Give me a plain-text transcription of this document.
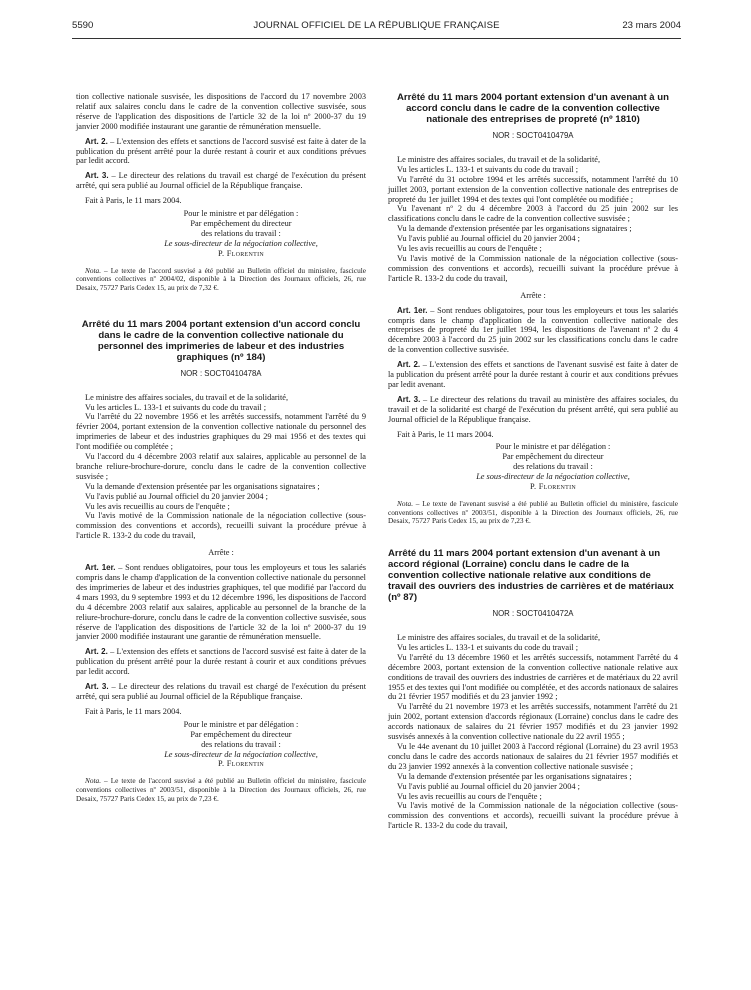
5590	JOURNAL OFFICIEL DE LA RÉPUBLIQUE FRANÇAISE	23 mars 2004

tion collective nationale susvisée, les dispositions de l'accord du 17 novembre 2003 relatif aux salaires conclu dans le cadre de la convention collective susvisée, sous réserve de l'application des dispositions de l'article 32 de la loi nº 2000-37 du 19 janvier 2000 modifiée instaurant une garantie de rémunération mensuelle.

Art. 2. – L'extension des effets et sanctions de l'accord susvisé est faite à dater de la publication du présent arrêté pour la durée restant à courir et aux conditions prévues par ledit accord.

Art. 3. – Le directeur des relations du travail est chargé de l'exécution du présent arrêté, qui sera publié au Journal officiel de la République française.

Fait à Paris, le 11 mars 2004.

Pour le ministre et par délégation :

Par empêchement du directeur

des relations du travail :

Le sous-directeur de la négociation collective,

P. Florentin

Nota. – Le texte de l'accord susvisé a été publié au Bulletin officiel du ministère, fascicule conventions collectives nº 2004/02, disponible à la Direction des Journaux officiels, 26, rue Desaix, 75727 Paris Cedex 15, au prix de 7,32 €.

Arrêté du 11 mars 2004 portant extension d'un accord conclu dans le cadre de la convention collective nationale du personnel des imprimeries de labeur et des industries graphiques (nº 184)

NOR : SOCT0410478A

Le ministre des affaires sociales, du travail et de la solidarité,

Vu les articles L. 133-1 et suivants du code du travail ;

Vu l'arrêté du 22 novembre 1956 et les arrêtés successifs, notamment l'arrêté du 9 février 2004, portant extension de la convention collective nationale du personnel des imprimeries de labeur et des industries graphiques du 29 mai 1956 et des textes qui l'ont modifiée ou complétée ;

Vu l'accord du 4 décembre 2003 relatif aux salaires, applicable au personnel de la branche reliure-brochure-dorure, conclu dans le cadre de la convention collective susvisée ;

Vu la demande d'extension présentée par les organisations signataires ;

Vu l'avis publié au Journal officiel du 20 janvier 2004 ;

Vu les avis recueillis au cours de l'enquête ;

Vu l'avis motivé de la Commission nationale de la négociation collective (sous-commission des conventions et accords), recueilli suivant la procédure prévue à l'article R. 133-2 du code du travail,

Arrête :

Art. 1er. – Sont rendues obligatoires, pour tous les employeurs et tous les salariés compris dans le champ d'application de la convention collective nationale du personnel des imprimeries de labeur et des industries graphiques, tel que modifié par l'accord du 4 mars 1993, du 9 septembre 1993 et du 12 décembre 1996, les dispositions de l'accord du 4 décembre 2003 relatif aux salaires, applicable au personnel de la branche de la reliure-brochure-dorure, conclu dans le cadre de la convention collective susvisée, sous réserve de l'application des dispositions de l'article 32 de la loi nº 2000-37 du 19 janvier 2000 modifiée instaurant une garantie de rémunération mensuelle.

Art. 2. – L'extension des effets et sanctions de l'accord susvisé est faite à dater de la publication du présent arrêté pour la durée restant à courir et aux conditions prévues par ledit accord.

Art. 3. – Le directeur des relations du travail est chargé de l'exécution du présent arrêté, qui sera publié au Journal officiel de la République française.

Fait à Paris, le 11 mars 2004.

Pour le ministre et par délégation :

Par empêchement du directeur

des relations du travail :

Le sous-directeur de la négociation collective,

P. Florentin

Nota. – Le texte de l'accord susvisé a été publié au Bulletin officiel du ministère, fascicule conventions collectives nº 2003/51, disponible à la Direction des Journaux officiels, 26, rue Desaix, 75727 Paris Cedex 15, au prix de 7,23 €.

Arrêté du 11 mars 2004 portant extension d'un avenant à un accord conclu dans le cadre de la convention collective nationale des entreprises de propreté (nº 1810)

NOR : SOCT0410479A

Le ministre des affaires sociales, du travail et de la solidarité,

Vu les articles L. 133-1 et suivants du code du travail ;

Vu l'arrêté du 31 octobre 1994 et les arrêtés successifs, notamment l'arrêté du 10 juillet 2003, portant extension de la convention collective nationale des entreprises de propreté du 1er juillet 1994 et des textes qui l'ont complétée ou modifiée ;

Vu l'avenant nº 2 du 4 décembre 2003 à l'accord du 25 juin 2002 sur les classifications conclu dans le cadre de la convention collective susvisée ;

Vu la demande d'extension présentée par les organisations signataires ;

Vu l'avis publié au Journal officiel du 20 janvier 2004 ;

Vu les avis recueillis au cours de l'enquête ;

Vu l'avis motivé de la Commission nationale de la négociation collective (sous-commission des conventions et accords), recueilli suivant la procédure prévue à l'article R. 133-2 du code du travail,

Arrête :

Art. 1er. – Sont rendues obligatoires, pour tous les employeurs et tous les salariés compris dans le champ d'application de la convention collective nationale des entreprises de propreté du 1er juillet 1994, les dispositions de l'avenant nº 2 du 4 décembre 2003 à l'accord du 25 juin 2002 sur les classifications conclu dans le cadre de la convention collective susvisée.

Art. 2. – L'extension des effets et sanctions de l'avenant susvisé est faite à dater de la publication du présent arrêté pour la durée restant à courir et aux conditions prévues par ledit avenant.

Art. 3. – Le directeur des relations du travail au ministère des affaires sociales, du travail et de la solidarité est chargé de l'exécution du présent arrêté, qui sera publié au Journal officiel de la République française.

Fait à Paris, le 11 mars 2004.

Pour le ministre et par délégation :

Par empêchement du directeur

des relations du travail :

Le sous-directeur de la négociation collective,

P. Florentin

Nota. – Le texte de l'avenant susvisé a été publié au Bulletin officiel du ministère, fascicule conventions collectives nº 2003/51, disponible à la Direction des Journaux officiels, 26, rue Desaix, 75727 Paris Cedex 15, au prix de 7,23 €.

Arrêté du 11 mars 2004 portant extension d'un avenant à un accord régional (Lorraine) conclu dans le cadre de la convention collective nationale relative aux conditions de travail des ouvriers des industries de carrières et de matériaux (nº 87)

NOR : SOCT0410472A

Le ministre des affaires sociales, du travail et de la solidarité,

Vu les articles L. 133-1 et suivants du code du travail ;

Vu l'arrêté du 13 décembre 1960 et les arrêtés successifs, notamment l'arrêté du 4 décembre 2003, portant extension de la convention collective nationale relative aux conditions de travail des ouvriers des industries de carrières et de matériaux du 22 avril 1955 et des textes qui l'ont modifiée ou complétée, et des accords nationaux de salaires du 21 février 1957 modifiés et du 23 janvier 1992 ;

Vu l'arrêté du 21 novembre 1973 et les arrêtés successifs, notamment l'arrêté du 21 juin 2002, portant extension d'accords régionaux (Lorraine) conclus dans le cadre des accords nationaux de salaires du 21 février 1957 modifiés et du 23 janvier 1992 susvisés annexés à la convention collective nationale du 22 avril 1955 ;

Vu le 44e avenant du 10 juillet 2003 à l'accord régional (Lorraine) du 23 avril 1953 conclu dans le cadre des accords nationaux de salaires du 21 février 1957 modifiés et du 23 janvier 1992 annexés à la convention collective nationale susvisée ;

Vu la demande d'extension présentée par les organisations signataires ;

Vu l'avis publié au Journal officiel du 20 janvier 2004 ;

Vu les avis recueillis au cours de l'enquête ;

Vu l'avis motivé de la Commission nationale de la négociation collective (sous-commission des conventions et accords), recueilli suivant la procédure prévue à l'article R. 133-2 du code du travail,
